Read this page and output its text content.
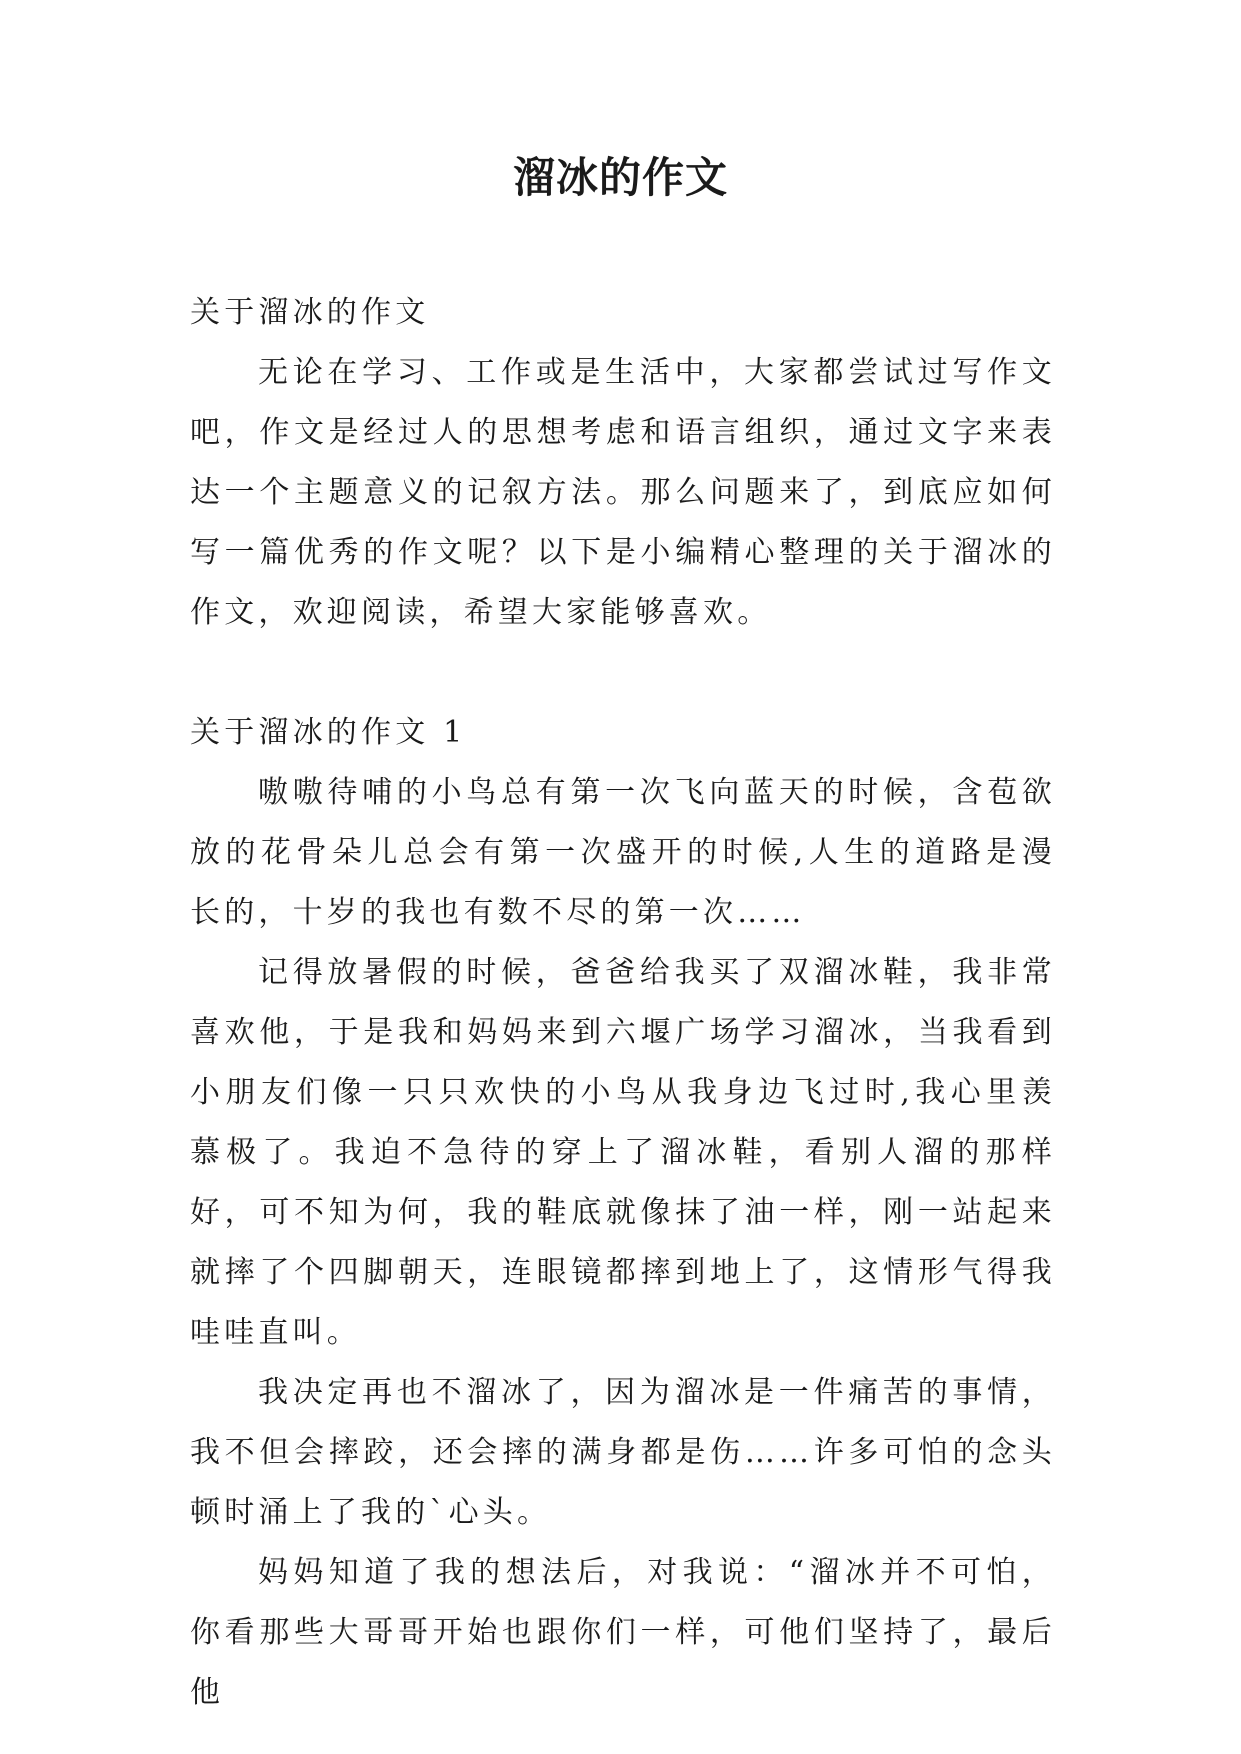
溜冰的作文

关于溜冰的作文

无论在学习、工作或是生活中，大家都尝试过写作文吧，作文是经过人的思想考虑和语言组织，通过文字来表达一个主题意义的记叙方法。那么问题来了，到底应如何写一篇优秀的作文呢？以下是小编精心整理的关于溜冰的作文，欢迎阅读，希望大家能够喜欢。

关于溜冰的作文 1

嗷嗷待哺的小鸟总有第一次飞向蓝天的时候，含苞欲放的花骨朵儿总会有第一次盛开的时候,人生的道路是漫长的，十岁的我也有数不尽的第一次……

记得放暑假的时候，爸爸给我买了双溜冰鞋，我非常喜欢他，于是我和妈妈来到六堰广场学习溜冰，当我看到小朋友们像一只只欢快的小鸟从我身边飞过时,我心里羡慕极了。我迫不急待的穿上了溜冰鞋，看别人溜的那样好，可不知为何，我的鞋底就像抹了油一样，刚一站起来就摔了个四脚朝天，连眼镜都摔到地上了，这情形气得我哇哇直叫。

我决定再也不溜冰了，因为溜冰是一件痛苦的事情，我不但会摔跤，还会摔的满身都是伤……许多可怕的念头顿时涌上了我的`心头。

妈妈知道了我的想法后，对我说：“溜冰并不可怕，你看那些大哥哥开始也跟你们一样，可他们坚持了，最后他
